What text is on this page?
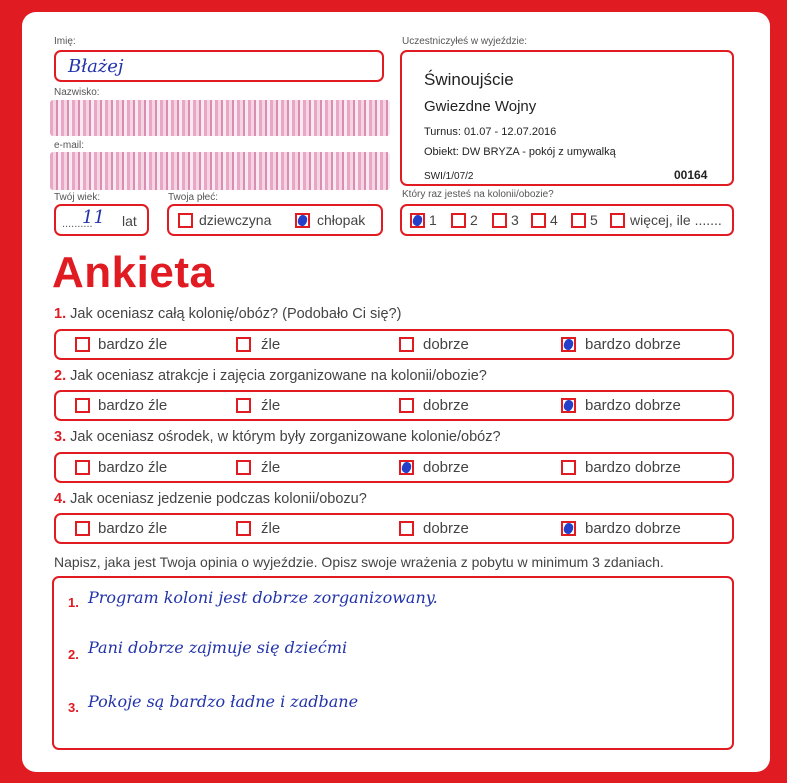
Imię:
Błażej
Nazwisko:
e-mail:
Twój wiek:
..........
11 lat
Twoja płeć:
dziewczyna	chłopak
Uczestniczyłeś w wyjeździe:
Świnoujście
Gwiezdne Wojny
Turnus: 01.07 - 12.07.2016
Obiekt: DW BRYZA - pokój z umywalką
SWI/1/07/2	00164
Który raz jesteś na kolonii/obozie?
1 2 3 4 5 więcej, ile .......
Ankieta
1. Jak oceniasz całą kolonię/obóz? (Podobało Ci się?)
bardzo źle	źle	dobrze	bardzo dobrze
2. Jak oceniasz atrakcje i zajęcia zorganizowane na kolonii/obozie?
bardzo źle	źle	dobrze	bardzo dobrze
3. Jak oceniasz ośrodek, w którym były zorganizowane kolonie/obóz?
bardzo źle	źle	dobrze	bardzo dobrze
4. Jak oceniasz jedzenie podczas kolonii/obozu?
bardzo źle	źle	dobrze	bardzo dobrze
Napisz, jaka jest Twoja opinia o wyjeździe. Opisz swoje wrażenia z pobytu w minimum 3 zdaniach.
1. Program koloni jest dobrze zorganizowany.
2. Pani dobrze zajmuje się dziećmi
3. Pokoje są bardzo ładne i zadbane
